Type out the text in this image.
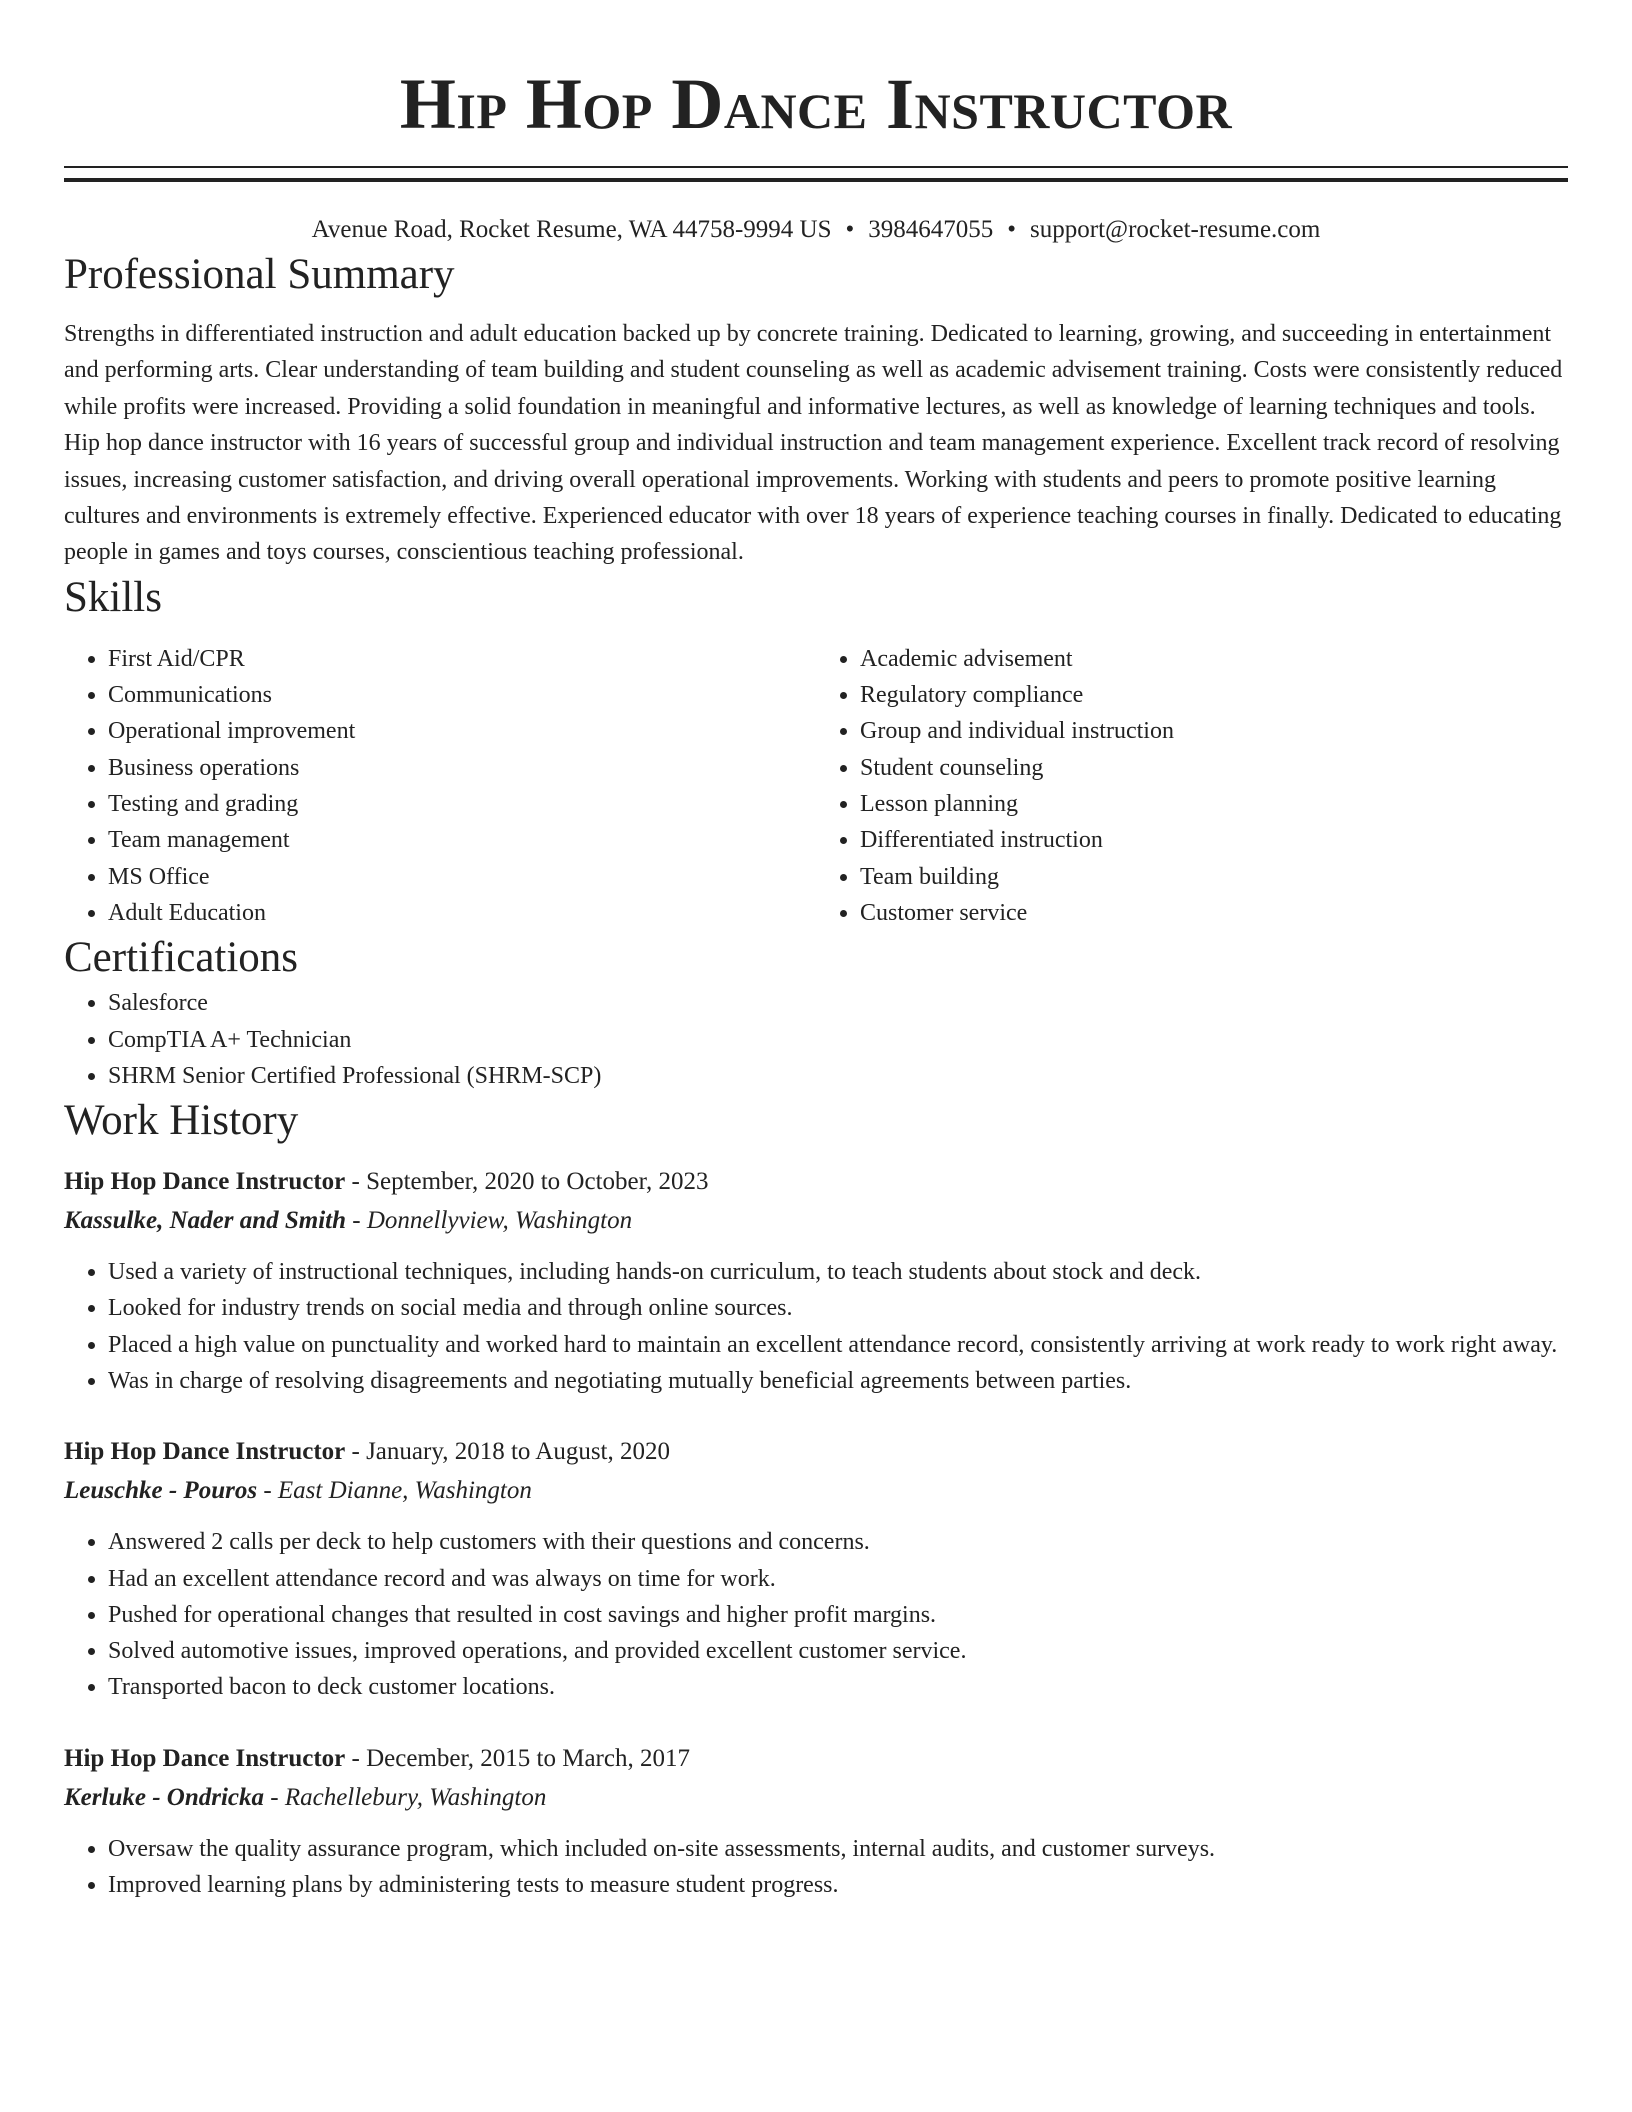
Hip Hop Dance Instructor
Avenue Road, Rocket Resume, WA 44758-9994 US • 3984647055 • support@rocket-resume.com
Professional Summary

Strengths in differentiated instruction and adult education backed up by concrete training. Dedicated to learning, growing, and succeeding in entertainment and performing arts. Clear understanding of team building and student counseling as well as academic advisement training. Costs were consistently reduced while profits were increased. Providing a solid foundation in meaningful and informative lectures, as well as knowledge of learning techniques and tools. Hip hop dance instructor with 16 years of successful group and individual instruction and team management experience. Excellent track record of resolving issues, increasing customer satisfaction, and driving overall operational improvements. Working with students and peers to promote positive learning cultures and environments is extremely effective. Experienced educator with over 18 years of experience teaching courses in finally. Dedicated to educating people in games and toys courses, conscientious teaching professional.

Skills
• First Aid/CPR
• Communications
• Operational improvement
• Business operations
• Testing and grading
• Team management
• MS Office
• Adult Education
• Academic advisement
• Regulatory compliance
• Group and individual instruction
• Student counseling
• Lesson planning
• Differentiated instruction
• Team building
• Customer service
Certifications
• Salesforce
• CompTIA A+ Technician
• SHRM Senior Certified Professional (SHRM-SCP)
Work History
Hip Hop Dance Instructor - September, 2020 to October, 2023
Kassulke, Nader and Smith - Donnellyview, Washington
• Used a variety of instructional techniques, including hands-on curriculum, to teach students about stock and deck.
• Looked for industry trends on social media and through online sources.
• Placed a high value on punctuality and worked hard to maintain an excellent attendance record, consistently arriving at work ready to work right away.
• Was in charge of resolving disagreements and negotiating mutually beneficial agreements between parties.
Hip Hop Dance Instructor - January, 2018 to August, 2020
Leuschke - Pouros - East Dianne, Washington
• Answered 2 calls per deck to help customers with their questions and concerns.
• Had an excellent attendance record and was always on time for work.
• Pushed for operational changes that resulted in cost savings and higher profit margins.
• Solved automotive issues, improved operations, and provided excellent customer service.
• Transported bacon to deck customer locations.
Hip Hop Dance Instructor - December, 2015 to March, 2017
Kerluke - Ondricka - Rachellebury, Washington
• Oversaw the quality assurance program, which included on-site assessments, internal audits, and customer surveys.
• Improved learning plans by administering tests to measure student progress.
